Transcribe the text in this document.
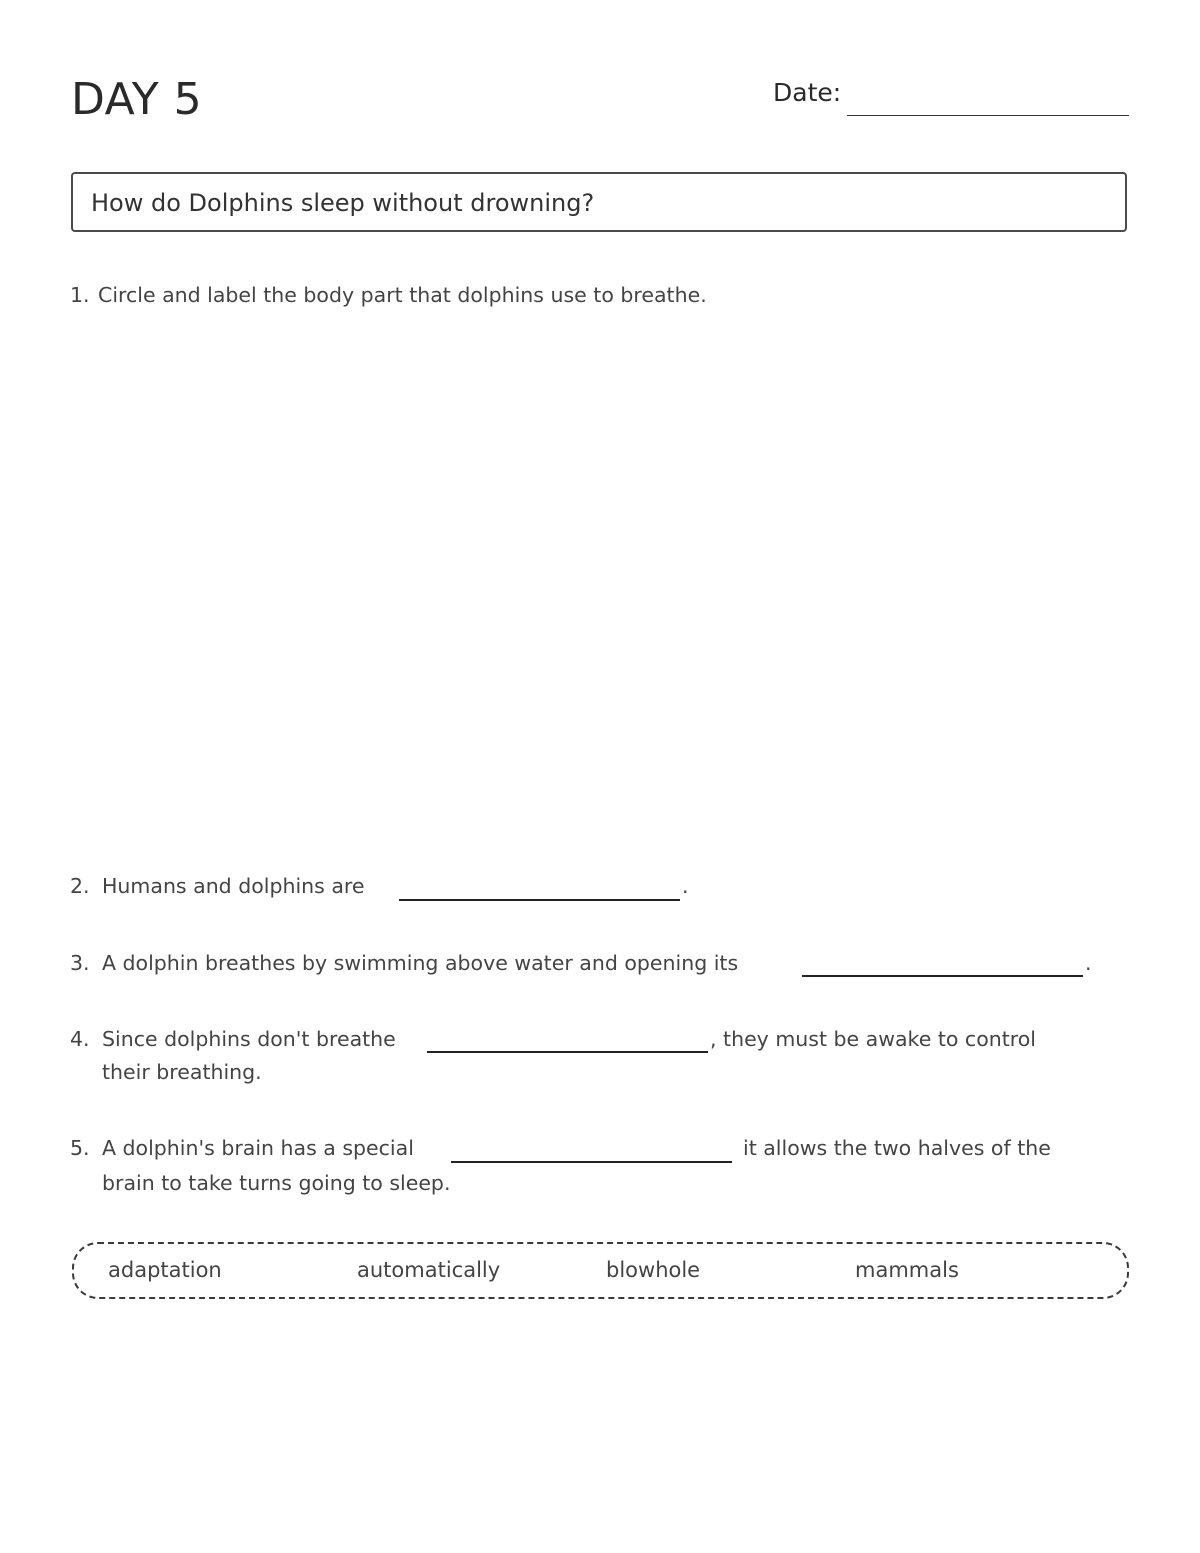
DAY 5	Date:
How do Dolphins sleep without drowning?
1. Circle and label the body part that dolphins use to breathe.
2. Humans and dolphins are	.
3. A dolphin breathes by swimming above water and opening its	.
4. Since dolphins don't breathe	, they must be awake to control
their breathing.
5. A dolphin's brain has a special	it allows the two halves of the
brain to take turns going to sleep.
adaptation	automatically	blowhole	mammals
